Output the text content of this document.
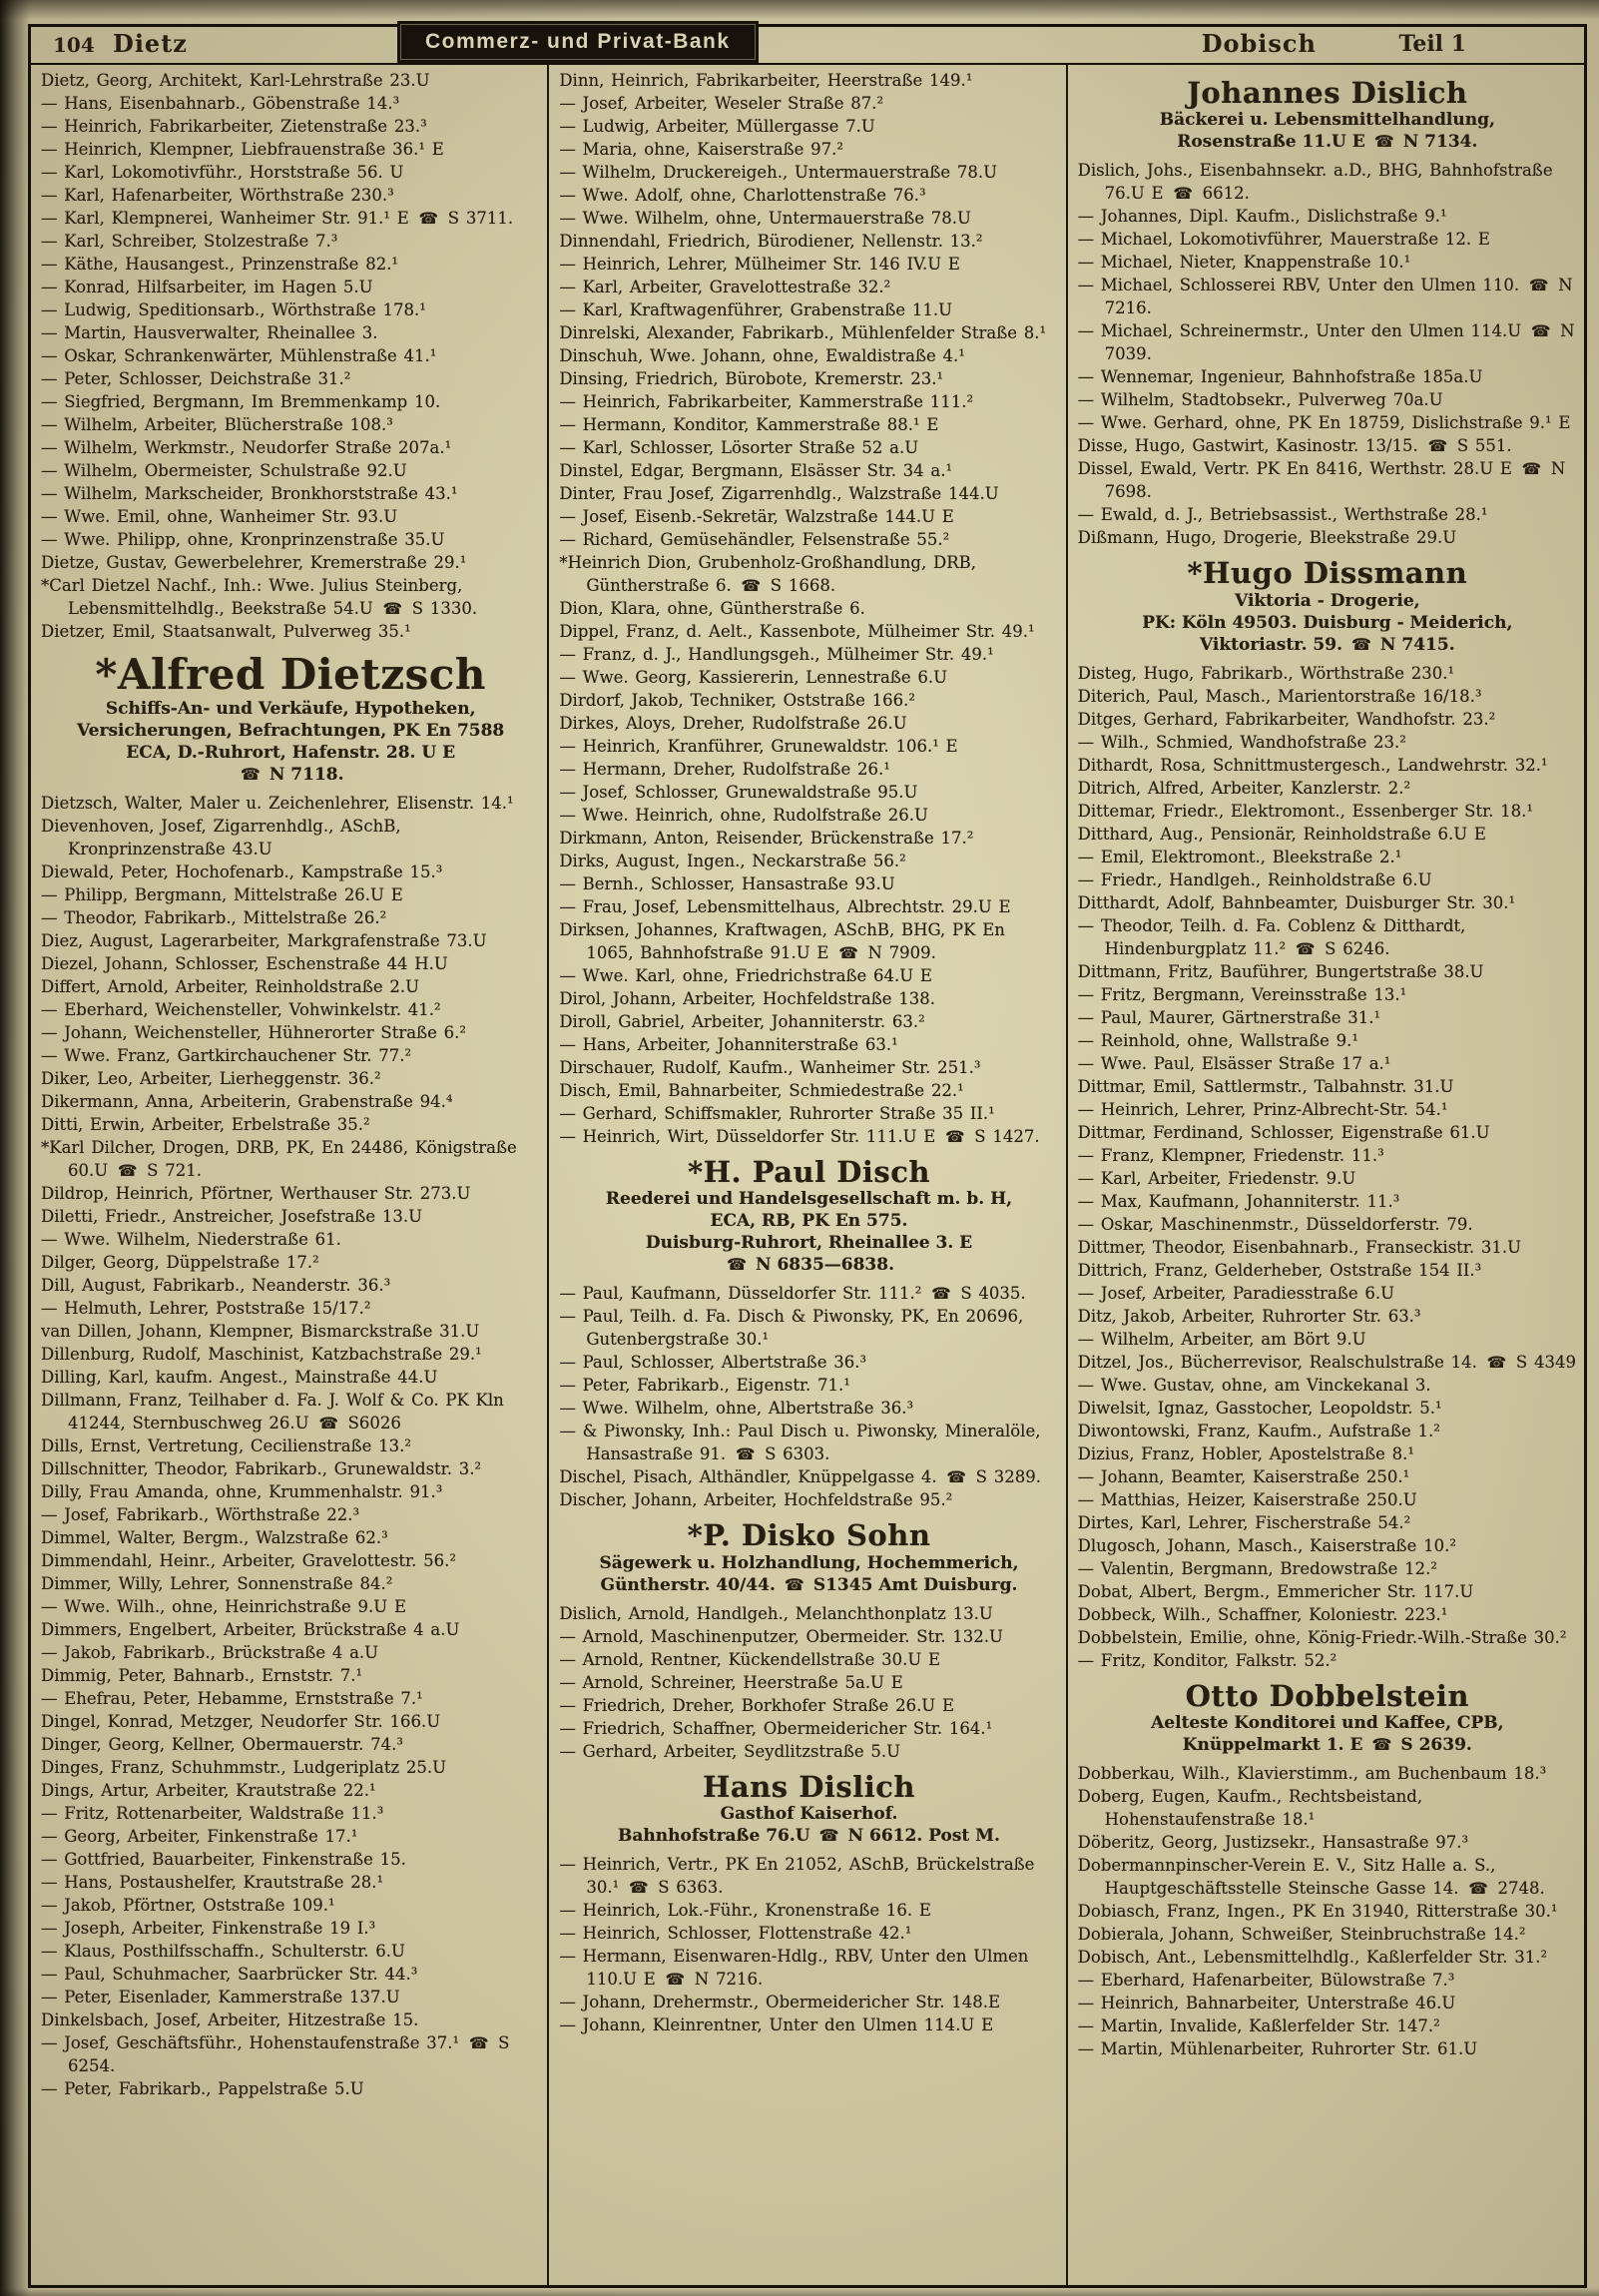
104 Dietz	Commerz- und Privat-Bank	Dobisch	Teil 1

Dietz, Georg, Architekt, Karl-Lehrstraße 23.U

— Hans, Eisenbahnarb., Göbenstraße 14.³

— Heinrich, Fabrikarbeiter, Zietenstraße 23.³

— Heinrich, Klempner, Liebfrauenstraße 36.¹ E

— Karl, Lokomotivführ., Horststraße 56. U

— Karl, Hafenarbeiter, Wörthstraße 230.³

— Karl, Klempnerei, Wanheimer Str. 91.¹ E ☎ S 3711.

— Karl, Schreiber, Stolzestraße 7.³

— Käthe, Hausangest., Prinzenstraße 82.¹

— Konrad, Hilfsarbeiter, im Hagen 5.U

— Ludwig, Speditionsarb., Wörthstraße 178.¹

— Martin, Hausverwalter, Rheinallee 3.

— Oskar, Schrankenwärter, Mühlenstraße 41.¹

— Peter, Schlosser, Deichstraße 31.²

— Siegfried, Bergmann, Im Bremmenkamp 10.

— Wilhelm, Arbeiter, Blücherstraße 108.³

— Wilhelm, Werkmstr., Neudorfer Straße 207a.¹

— Wilhelm, Obermeister, Schulstraße 92.U

— Wilhelm, Markscheider, Bronkhorststraße 43.¹

— Wwe. Emil, ohne, Wanheimer Str. 93.U

— Wwe. Philipp, ohne, Kronprinzenstraße 35.U

Dietze, Gustav, Gewerbelehrer, Kremerstraße 29.¹

*Carl Dietzel Nachf., Inh.: Wwe. Julius Steinberg, Lebensmittelhdlg., Beekstraße 54.U ☎ S 1330.

Dietzer, Emil, Staatsanwalt, Pulverweg 35.¹

*Alfred Dietzsch
Schiffs-An- und Verkäufe, Hypotheken,
Versicherungen, Befrachtungen, PK En 7588
ECA, D.-Ruhrort, Hafenstr. 28. U E
☎ N 7118.

Dietzsch, Walter, Maler u. Zeichenlehrer, Elisenstr. 14.¹

Dievenhoven, Josef, Zigarrenhdlg., ASchB, Kronprinzenstraße 43.U

Diewald, Peter, Hochofenarb., Kampstraße 15.³

— Philipp, Bergmann, Mittelstraße 26.U E

— Theodor, Fabrikarb., Mittelstraße 26.²

Diez, August, Lagerarbeiter, Markgrafenstraße 73.U

Diezel, Johann, Schlosser, Eschenstraße 44 H.U

Differt, Arnold, Arbeiter, Reinholdstraße 2.U

— Eberhard, Weichensteller, Vohwinkelstr. 41.²

— Johann, Weichensteller, Hühnerorter Straße 6.²

— Wwe. Franz, Gartkirchauchener Str. 77.²

Diker, Leo, Arbeiter, Lierheggenstr. 36.²

Dikermann, Anna, Arbeiterin, Grabenstraße 94.⁴

Ditti, Erwin, Arbeiter, Erbelstraße 35.²

*Karl Dilcher, Drogen, DRB, PK, En 24486, Königstraße 60.U ☎ S 721.

Dildrop, Heinrich, Pförtner, Werthauser Str. 273.U

Diletti, Friedr., Anstreicher, Josefstraße 13.U

— Wwe. Wilhelm, Niederstraße 61.

Dilger, Georg, Düppelstraße 17.²

Dill, August, Fabrikarb., Neanderstr. 36.³

— Helmuth, Lehrer, Poststraße 15/17.²

van Dillen, Johann, Klempner, Bismarckstraße 31.U

Dillenburg, Rudolf, Maschinist, Katzbachstraße 29.¹

Dilling, Karl, kaufm. Angest., Mainstraße 44.U

Dillmann, Franz, Teilhaber d. Fa. J. Wolf & Co. PK Kln 41244, Sternbuschweg 26.U ☎ S6026

Dills, Ernst, Vertretung, Cecilienstraße 13.²

Dillschnitter, Theodor, Fabrikarb., Grunewaldstr. 3.²

Dilly, Frau Amanda, ohne, Krummenhalstr. 91.³

— Josef, Fabrikarb., Wörthstraße 22.³

Dimmel, Walter, Bergm., Walzstraße 62.³

Dimmendahl, Heinr., Arbeiter, Gravelottestr. 56.²

Dimmer, Willy, Lehrer, Sonnenstraße 84.²

— Wwe. Wilh., ohne, Heinrichstraße 9.U E

Dimmers, Engelbert, Arbeiter, Brückstraße 4 a.U

— Jakob, Fabrikarb., Brückstraße 4 a.U

Dimmig, Peter, Bahnarb., Ernststr. 7.¹

— Ehefrau, Peter, Hebamme, Ernststraße 7.¹

Dingel, Konrad, Metzger, Neudorfer Str. 166.U

Dinger, Georg, Kellner, Obermauerstr. 74.³

Dinges, Franz, Schuhmmstr., Ludgeriplatz 25.U

Dings, Artur, Arbeiter, Krautstraße 22.¹

— Fritz, Rottenarbeiter, Waldstraße 11.³

— Georg, Arbeiter, Finkenstraße 17.¹

— Gottfried, Bauarbeiter, Finkenstraße 15.

— Hans, Postaushelfer, Krautstraße 28.¹

— Jakob, Pförtner, Oststraße 109.¹

— Joseph, Arbeiter, Finkenstraße 19 I.³

— Klaus, Posthilfsschaffn., Schulterstr. 6.U

— Paul, Schuhmacher, Saarbrücker Str. 44.³

— Peter, Eisenlader, Kammerstraße 137.U

Dinkelsbach, Josef, Arbeiter, Hitzestraße 15.

— Josef, Geschäftsführ., Hohenstaufenstraße 37.¹ ☎ S 6254.

— Peter, Fabrikarb., Pappelstraße 5.U

Dinn, Heinrich, Fabrikarbeiter, Heerstraße 149.¹

— Josef, Arbeiter, Weseler Straße 87.²

— Ludwig, Arbeiter, Müllergasse 7.U

— Maria, ohne, Kaiserstraße 97.²

— Wilhelm, Druckereigeh., Untermauerstraße 78.U

— Wwe. Adolf, ohne, Charlottenstraße 76.³

— Wwe. Wilhelm, ohne, Untermauerstraße 78.U

Dinnendahl, Friedrich, Bürodiener, Nellenstr. 13.²

— Heinrich, Lehrer, Mülheimer Str. 146 IV.U E

— Karl, Arbeiter, Gravelottestraße 32.²

— Karl, Kraftwagenführer, Grabenstraße 11.U

Dinrelski, Alexander, Fabrikarb., Mühlenfelder Straße 8.¹

Dinschuh, Wwe. Johann, ohne, Ewaldistraße 4.¹

Dinsing, Friedrich, Bürobote, Kremerstr. 23.¹

— Heinrich, Fabrikarbeiter, Kammerstraße 111.²

— Hermann, Konditor, Kammerstraße 88.¹ E

— Karl, Schlosser, Lösorter Straße 52 a.U

Dinstel, Edgar, Bergmann, Elsässer Str. 34 a.¹

Dinter, Frau Josef, Zigarrenhdlg., Walzstraße 144.U

— Josef, Eisenb.-Sekretär, Walzstraße 144.U E

— Richard, Gemüsehändler, Felsenstraße 55.²

*Heinrich Dion, Grubenholz-Großhandlung, DRB, Güntherstraße 6. ☎ S 1668.

Dion, Klara, ohne, Güntherstraße 6.

Dippel, Franz, d. Aelt., Kassenbote, Mülheimer Str. 49.¹

— Franz, d. J., Handlungsgeh., Mülheimer Str. 49.¹

— Wwe. Georg, Kassiererin, Lennestraße 6.U

Dirdorf, Jakob, Techniker, Oststraße 166.²

Dirkes, Aloys, Dreher, Rudolfstraße 26.U

— Heinrich, Kranführer, Grunewaldstr. 106.¹ E

— Hermann, Dreher, Rudolfstraße 26.¹

— Josef, Schlosser, Grunewaldstraße 95.U

— Wwe. Heinrich, ohne, Rudolfstraße 26.U

Dirkmann, Anton, Reisender, Brückenstraße 17.²

Dirks, August, Ingen., Neckarstraße 56.²

— Bernh., Schlosser, Hansastraße 93.U

— Frau, Josef, Lebensmittelhaus, Albrechtstr. 29.U E

Dirksen, Johannes, Kraftwagen, ASchB, BHG, PK En 1065, Bahnhofstraße 91.U E ☎ N 7909.

— Wwe. Karl, ohne, Friedrichstraße 64.U E

Dirol, Johann, Arbeiter, Hochfeldstraße 138.

Diroll, Gabriel, Arbeiter, Johanniterstr. 63.²

— Hans, Arbeiter, Johanniterstraße 63.¹

Dirschauer, Rudolf, Kaufm., Wanheimer Str. 251.³

Disch, Emil, Bahnarbeiter, Schmiedestraße 22.¹

— Gerhard, Schiffsmakler, Ruhrorter Straße 35 II.¹

— Heinrich, Wirt, Düsseldorfer Str. 111.U E ☎ S 1427.

*H. Paul Disch
Reederei und Handelsgesellschaft m. b. H,
ECA, RB, PK En 575.
Duisburg-Ruhrort, Rheinallee 3. E
☎ N 6835—6838.

— Paul, Kaufmann, Düsseldorfer Str. 111.² ☎ S 4035.

— Paul, Teilh. d. Fa. Disch & Piwonsky, PK, En 20696, Gutenbergstraße 30.¹

— Paul, Schlosser, Albertstraße 36.³

— Peter, Fabrikarb., Eigenstr. 71.¹

— Wwe. Wilhelm, ohne, Albertstraße 36.³

— & Piwonsky, Inh.: Paul Disch u. Piwonsky, Mineralöle, Hansastraße 91. ☎ S 6303.

Dischel, Pisach, Althändler, Knüppelgasse 4. ☎ S 3289.

Discher, Johann, Arbeiter, Hochfeldstraße 95.²

*P. Disko Sohn
Sägewerk u. Holzhandlung, Hochemmerich,
Güntherstr. 40/44. ☎ S1345 Amt Duisburg.

Dislich, Arnold, Handlgeh., Melanchthonplatz 13.U

— Arnold, Maschinenputzer, Obermeider. Str. 132.U

— Arnold, Rentner, Kückendellstraße 30.U E

— Arnold, Schreiner, Heerstraße 5a.U E

— Friedrich, Dreher, Borkhofer Straße 26.U E

— Friedrich, Schaffner, Obermeidericher Str. 164.¹

— Gerhard, Arbeiter, Seydlitzstraße 5.U

Hans Dislich
Gasthof Kaiserhof.
Bahnhofstraße 76.U ☎ N 6612. Post M.

— Heinrich, Vertr., PK En 21052, ASchB, Brückelstraße 30.¹ ☎ S 6363.

— Heinrich, Lok.-Führ., Kronenstraße 16. E

— Heinrich, Schlosser, Flottenstraße 42.¹

— Hermann, Eisenwaren-Hdlg., RBV, Unter den Ulmen 110.U E ☎ N 7216.

— Johann, Drehermstr., Obermeidericher Str. 148.E

— Johann, Kleinrentner, Unter den Ulmen 114.U E

Johannes Dislich
Bäckerei u. Lebensmittelhandlung,
Rosenstraße 11.U E ☎ N 7134.

Dislich, Johs., Eisenbahnsekr. a.D., BHG, Bahnhofstraße 76.U E ☎ 6612.

— Johannes, Dipl. Kaufm., Dislichstraße 9.¹

— Michael, Lokomotivführer, Mauerstraße 12. E

— Michael, Nieter, Knappenstraße 10.¹

— Michael, Schlosserei RBV, Unter den Ulmen 110. ☎ N 7216.

— Michael, Schreinermstr., Unter den Ulmen 114.U ☎ N 7039.

— Wennemar, Ingenieur, Bahnhofstraße 185a.U

— Wilhelm, Stadtobsekr., Pulverweg 70a.U

— Wwe. Gerhard, ohne, PK En 18759, Dislichstraße 9.¹ E

Disse, Hugo, Gastwirt, Kasinostr. 13/15. ☎ S 551.

Dissel, Ewald, Vertr. PK En 8416, Werthstr. 28.U E ☎ N 7698.

— Ewald, d. J., Betriebsassist., Werthstraße 28.¹

Dißmann, Hugo, Drogerie, Bleekstraße 29.U

*Hugo Dissmann
Viktoria - Drogerie,
PK: Köln 49503. Duisburg - Meiderich,
Viktoriastr. 59. ☎ N 7415.

Disteg, Hugo, Fabrikarb., Wörthstraße 230.¹

Diterich, Paul, Masch., Marientorstraße 16/18.³

Ditges, Gerhard, Fabrikarbeiter, Wandhofstr. 23.²

— Wilh., Schmied, Wandhofstraße 23.²

Dithardt, Rosa, Schnittmustergesch., Landwehrstr. 32.¹

Ditrich, Alfred, Arbeiter, Kanzlerstr. 2.²

Dittemar, Friedr., Elektromont., Essenberger Str. 18.¹

Ditthard, Aug., Pensionär, Reinholdstraße 6.U E

— Emil, Elektromont., Bleekstraße 2.¹

— Friedr., Handlgeh., Reinholdstraße 6.U

Ditthardt, Adolf, Bahnbeamter, Duisburger Str. 30.¹

— Theodor, Teilh. d. Fa. Coblenz & Ditthardt, Hindenburgplatz 11.² ☎ S 6246.

Dittmann, Fritz, Bauführer, Bungertstraße 38.U

— Fritz, Bergmann, Vereinsstraße 13.¹

— Paul, Maurer, Gärtnerstraße 31.¹

— Reinhold, ohne, Wallstraße 9.¹

— Wwe. Paul, Elsässer Straße 17 a.¹

Dittmar, Emil, Sattlermstr., Talbahnstr. 31.U

— Heinrich, Lehrer, Prinz-Albrecht-Str. 54.¹

Dittmar, Ferdinand, Schlosser, Eigenstraße 61.U

— Franz, Klempner, Friedenstr. 11.³

— Karl, Arbeiter, Friedenstr. 9.U

— Max, Kaufmann, Johanniterstr. 11.³

— Oskar, Maschinenmstr., Düsseldorferstr. 79.

Dittmer, Theodor, Eisenbahnarb., Franseckistr. 31.U

Dittrich, Franz, Gelderheber, Oststraße 154 II.³

— Josef, Arbeiter, Paradiesstraße 6.U

Ditz, Jakob, Arbeiter, Ruhrorter Str. 63.³

— Wilhelm, Arbeiter, am Bört 9.U

Ditzel, Jos., Bücherrevisor, Realschulstraße 14. ☎ S 4349

— Wwe. Gustav, ohne, am Vinckekanal 3.

Diwelsit, Ignaz, Gasstocher, Leopoldstr. 5.¹

Diwontowski, Franz, Kaufm., Aufstraße 1.²

Dizius, Franz, Hobler, Apostelstraße 8.¹

— Johann, Beamter, Kaiserstraße 250.¹

— Matthias, Heizer, Kaiserstraße 250.U

Dirtes, Karl, Lehrer, Fischerstraße 54.²

Dlugosch, Johann, Masch., Kaiserstraße 10.²

— Valentin, Bergmann, Bredowstraße 12.²

Dobat, Albert, Bergm., Emmericher Str. 117.U

Dobbeck, Wilh., Schaffner, Koloniestr. 223.¹

Dobbelstein, Emilie, ohne, König-Friedr.-Wilh.-Straße 30.²

— Fritz, Konditor, Falkstr. 52.²

Otto Dobbelstein
Aelteste Konditorei und Kaffee, CPB,
Knüppelmarkt 1. E ☎ S 2639.

Dobberkau, Wilh., Klavierstimm., am Buchenbaum 18.³

Doberg, Eugen, Kaufm., Rechtsbeistand, Hohenstaufenstraße 18.¹

Döberitz, Georg, Justizsekr., Hansastraße 97.³

Dobermannpinscher-Verein E. V., Sitz Halle a. S., Hauptgeschäftsstelle Steinsche Gasse 14. ☎ 2748.

Dobiasch, Franz, Ingen., PK En 31940, Ritterstraße 30.¹

Dobierala, Johann, Schweißer, Steinbruchstraße 14.²

Dobisch, Ant., Lebensmittelhdlg., Kaßlerfelder Str. 31.²

— Eberhard, Hafenarbeiter, Bülowstraße 7.³

— Heinrich, Bahnarbeiter, Unterstraße 46.U

— Martin, Invalide, Kaßlerfelder Str. 147.²

— Martin, Mühlenarbeiter, Ruhrorter Str. 61.U
